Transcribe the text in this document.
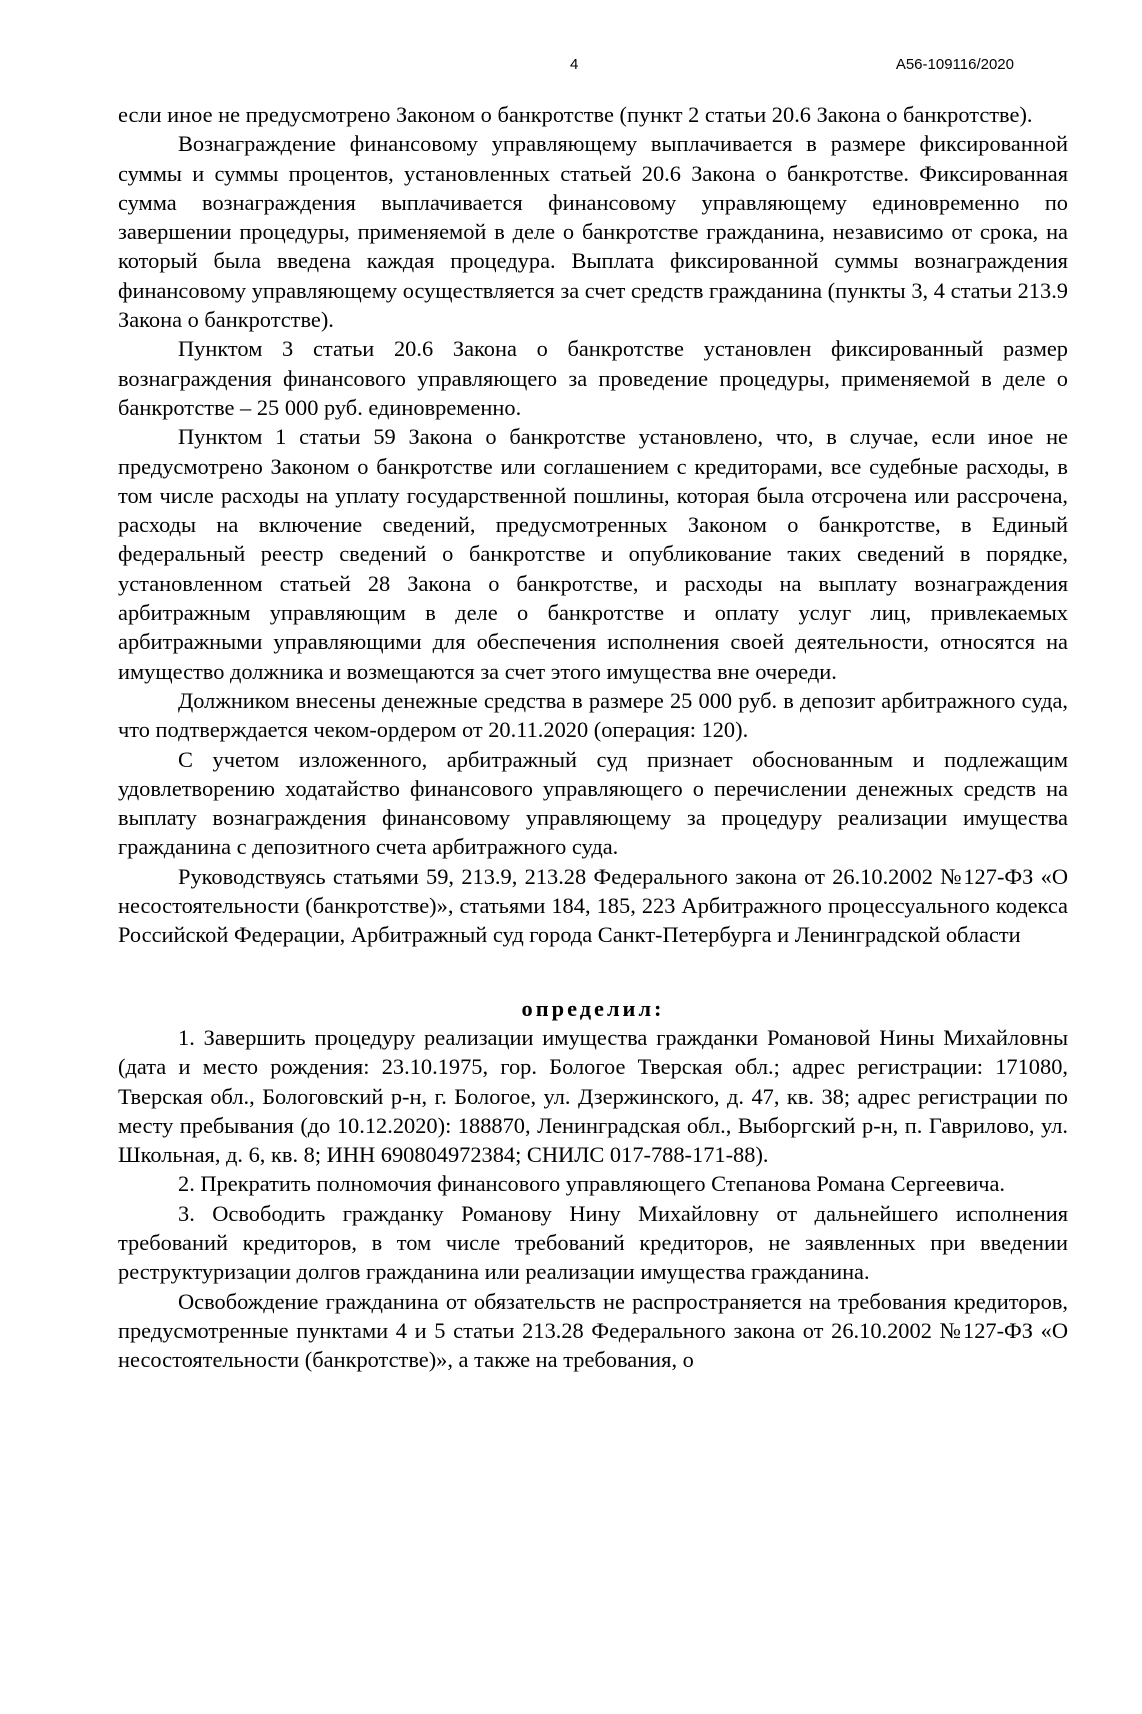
4	А56-109116/2020

если иное не предусмотрено Законом о банкротстве (пункт 2 статьи 20.6 Закона о банкротстве).

Вознаграждение финансовому управляющему выплачивается в размере фиксированной суммы и суммы процентов, установленных статьей 20.6 Закона о банкротстве. Фиксированная сумма вознаграждения выплачивается финансовому управляющему единовременно по завершении процедуры, применяемой в деле о банкротстве гражданина, независимо от срока, на который была введена каждая процедура. Выплата фиксированной суммы вознаграждения финансовому управляющему осуществляется за счет средств гражданина (пункты 3, 4 статьи 213.9 Закона о банкротстве).

Пунктом 3 статьи 20.6 Закона о банкротстве установлен фиксированный размер вознаграждения финансового управляющего за проведение процедуры, применяемой в деле о банкротстве – 25 000 руб. единовременно.

Пунктом 1 статьи 59 Закона о банкротстве установлено, что, в случае, если иное не предусмотрено Законом о банкротстве или соглашением с кредиторами, все судебные расходы, в том числе расходы на уплату государственной пошлины, которая была отсрочена или рассрочена, расходы на включение сведений, предусмотренных Законом о банкротстве, в Единый федеральный реестр сведений о банкротстве и опубликование таких сведений в порядке, установленном статьей 28 Закона о банкротстве, и расходы на выплату вознаграждения арбитражным управляющим в деле о банкротстве и оплату услуг лиц, привлекаемых арбитражными управляющими для обеспечения исполнения своей деятельности, относятся на имущество должника и возмещаются за счет этого имущества вне очереди.

Должником внесены денежные средства в размере 25 000 руб. в депозит арбитражного суда, что подтверждается чеком-ордером от 20.11.2020 (операция: 120).

С учетом изложенного, арбитражный суд признает обоснованным и подлежащим удовлетворению ходатайство финансового управляющего о перечислении денежных средств на выплату вознаграждения финансовому управляющему за процедуру реализации имущества гражданина с депозитного счета арбитражного суда.

Руководствуясь статьями 59, 213.9, 213.28 Федерального закона от 26.10.2002 №127-ФЗ «О несостоятельности (банкротстве)», статьями 184, 185, 223 Арбитражного процессуального кодекса Российской Федерации, Арбитражный суд города Санкт-Петербурга и Ленинградской области

определил:

1. Завершить процедуру реализации имущества гражданки Романовой Нины Михайловны (дата и место рождения: 23.10.1975, гор. Бологое Тверская обл.; адрес регистрации: 171080, Тверская обл., Бологовский р-н, г. Бологое, ул. Дзержинского, д. 47, кв. 38; адрес регистрации по месту пребывания (до 10.12.2020): 188870, Ленинградская обл., Выборгский р-н, п. Гаврилово, ул. Школьная, д. 6, кв. 8; ИНН 690804972384; СНИЛС 017-788-171-88).

2. Прекратить полномочия финансового управляющего Степанова Романа Сергеевича.

3. Освободить гражданку Романову Нину Михайловну от дальнейшего исполнения требований кредиторов, в том числе требований кредиторов, не заявленных при введении реструктуризации долгов гражданина или реализации имущества гражданина.

Освобождение гражданина от обязательств не распространяется на требования кредиторов, предусмотренные пунктами 4 и 5 статьи 213.28 Федерального закона от 26.10.2002 №127-ФЗ «О несостоятельности (банкротстве)», а также на требования, о
